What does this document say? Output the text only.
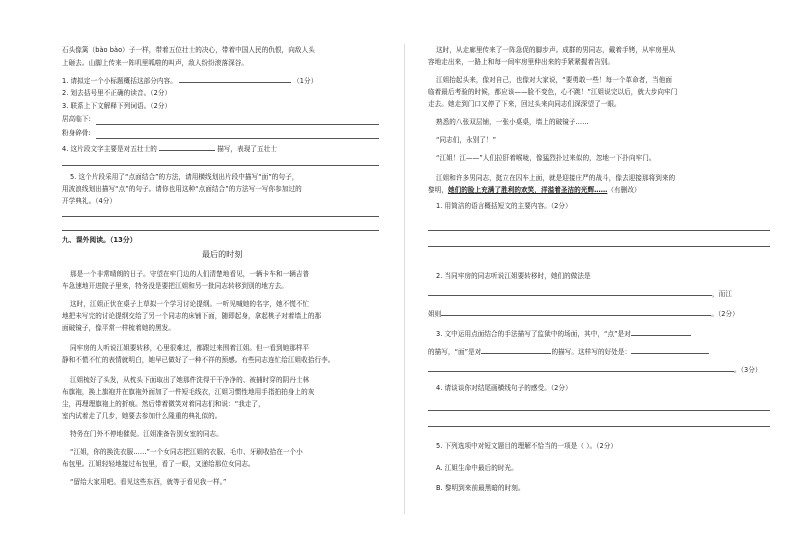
石头像篱（bào bào）子一样，带着五位壮士的决心，带着中国人民的仇恨，向敌人头
上砸去。山脚上传来一阵叽里呱啦的叫声，敌人纷纷滚落深谷。
1. 请拟定一个小标题概括这部分内容。	（1分）
2. 划去括号里不正确的读音。（2分）
3. 联系上下文解释下列词语。（2分）
居高临下:
粉身碎骨:
4. 这片段文字主要是对五壮士的	描写，表现了五壮士
5. 这个片段采用了“点面结合”的方法，请用横线划出片段中描写“面”的句子，
用波浪线划出描写“点”的句子。请你也用这种“点面结合”的方法写一写你参加过的
开学典礼。（4分）
九、课外阅读。（13分）
最后的时刻
那是一个非常晴朗的日子。守望在牢门边的人们清楚地看见，一辆卡车和一辆吉普
车急速地开进院子里来，特务没是要把江姐和另一批同志转移到别的地方去。
这时，江姐正伏在桌子上草拟一个学习讨论提纲。一听见喊她的名字，她不慌不忙
地把未写完的讨论提纲交给了另一个同志的床铺下面，随即起身，拿起桃子对着墙上的那
面破镜子，像平常一样梳着她的黑发。
同牢房的人听说江姐要转移，心里很难过，都跟过来围着江姐。但一看到她那样平
静和不慌不忙的表情就明白，她早已做好了一种不祥的预感。有些同志连忙给江姐收拾行李。
江姐梳好了头发，从枕头下面取出了她那件洗得干干净净的、被捕时穿的阴丹士林
布旗袍，换上旗袍并在旗袍外面加了一件短毛线衣，江姐习惯性地用手指拍拍身上的灰
尘，再理理旗袍上的折痕。然后带着微笑对着同志们和说：“我走了，
室内试着走了几步，她要去参加什么隆重的典礼似的。
特务在门外不停地催促。江姐准备告别女室的同志。
“江姐，你的换洗衣服……”一个女同志把江姐的衣服、毛巾、牙刷收拾在一个小
布包里。江姐轻轻地接过布包里，看了一眼，又递给那位女同志。
“留给大家用吧。看见这些东西，就等于看见我一样。”
这时，从走廊里传来了一阵急促的脚步声。成群的男同志，戴着手铐，从牢房里从
容地走出来，一路上和每一间牢房里伸出来的手紧紧握着告别。
江姐抬起头来，像对自己，也像对大家说，“要勇敢一些！每一个革命者，当他面
临着最后考验的时候，都应该——脸不变色，心不跳！”江姐说完以后，就大步向牢门
走去。她走到门口又停了下来，回过头来向同志们深深望了一眼。
熟悉的八张双层铺，一张小桌桌，墙上的破镜子……
“同志们，永别了！”
“江姐！江——”人们拉肝着喉咙，像猛烈扑过来似的，忽地一下扑向牢门。
江姐和许多男同志，挺立在囚车上面，就是迎接庄严的战斗，像去迎接那将到来的
黎明，她们的脸上充满了胜利的欢笑，洋溢着圣洁的光辉……（有删改）
1. 用简洁的语言概括短文的主要内容。（2分）
2. 当同牢房的同志听说江姐要转移时，她们的做法是
，而江
姐则	。（2分）
3. 文中运用点面结合的手法描写了监狱中的场面，其中，“点”是对
的描写，“面”是对	的描写。这样写的好处是：
。（3分）
4. 请谈谈你对结尾画横线句子的感受。（2分）
5. 下列选项中对短文题目的理解不恰当的一项是（ ）。（2分）
A. 江姐生命中最后的时光。
B. 黎明到来前最黑暗的时刻。
